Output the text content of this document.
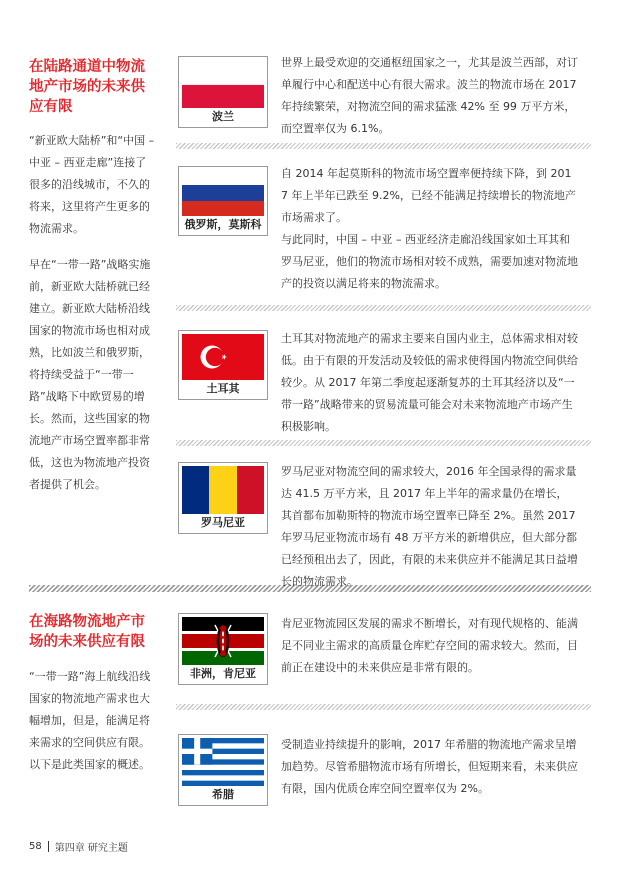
在陆路通道中物流地产市场的未来供应有限
“新亚欧大陆桥”和“中国 – 中亚 – 西亚走廊”连接了很多的沿线城市，不久的将来，这里将产生更多的物流需求。
早在“一带一路”战略实施前，新亚欧大陆桥就已经建立。新亚欧大陆桥沿线国家的物流市场也相对成熟，比如波兰和俄罗斯，将持续受益于“一带一路”战略下中欧贸易的增长。然而，这些国家的物流地产市场空置率都非常低，这也为物流地产投资者提供了机会。
在海路物流地产市场的未来供应有限
“一带一路”海上航线沿线国家的物流地产需求也大幅增加，但是，能满足将来需求的空间供应有限。以下是此类国家的概述。
波兰
俄罗斯，莫斯科
土耳其
罗马尼亚
非洲，肯尼亚
希腊
世界上最受欢迎的交通枢纽国家之一，尤其是波兰西部，对订单履行中心和配送中心有很大需求。波兰的物流市场在 2017 年持续繁荣，对物流空间的需求猛涨 42% 至 99 万平方米，而空置率仅为 6.1%。
自 2014 年起莫斯科的物流市场空置率便持续下降，到 2017 年上半年已跌至 9.2%，已经不能满足持续增长的物流地产市场需求了。
与此同时，中国 – 中亚 – 西亚经济走廊沿线国家如土耳其和罗马尼亚，他们的物流市场相对较不成熟，需要加速对物流地产的投资以满足将来的物流需求。
土耳其对物流地产的需求主要来自国内业主，总体需求相对较低。由于有限的开发活动及较低的需求使得国内物流空间供给较少。从 2017 年第二季度起逐渐复苏的土耳其经济以及“一带一路”战略带来的贸易流量可能会对未来物流地产市场产生积极影响。
罗马尼亚对物流空间的需求较大，2016 年全国录得的需求量达 41.5 万平方米，且 2017 年上半年的需求量仍在增长，其首都布加勒斯特的物流市场空置率已降至 2%。虽然 2017 年罗马尼亚物流市场有 48 万平方米的新增供应，但大部分都已经预租出去了，因此，有限的未来供应并不能满足其日益增长的物流需求。
肯尼亚物流园区发展的需求不断增长，对有现代规格的、能满足不同业主需求的高质量仓库贮存空间的需求较大。然而，目前正在建设中的未来供应是非常有限的。
受制造业持续提升的影响，2017 年希腊的物流地产需求呈增加趋势。尽管希腊物流市场有所增长，但短期来看，未来供应有限，国内优质仓库空间空置率仅为 2%。
58 第四章 研究主题
